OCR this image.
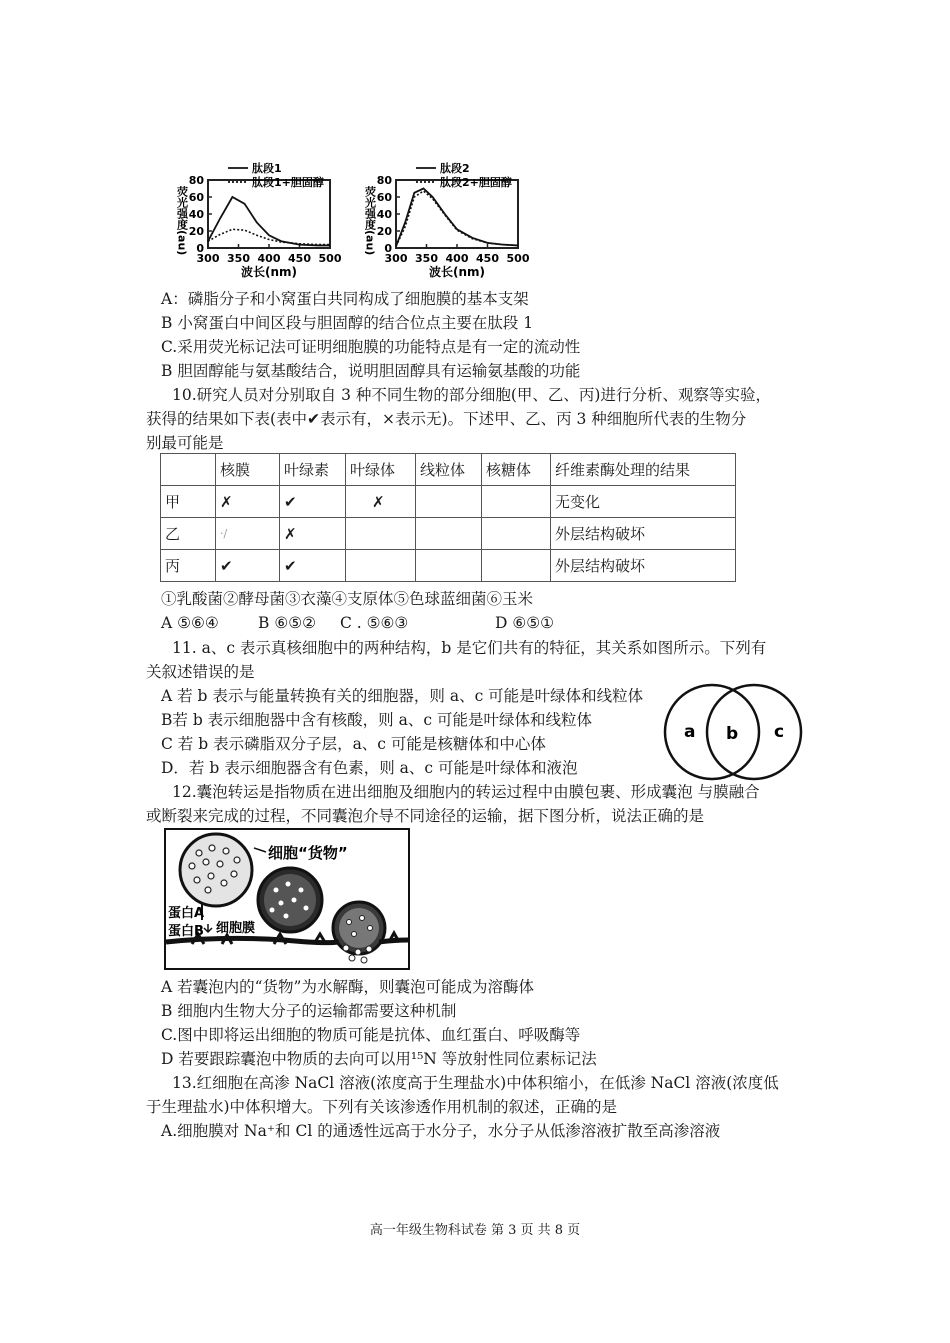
0
20
40
60
80
300 350 400 450 500
波长(nm)
荧光强度(au)
肽段1
肽段1+胆固醇
0
20
40
60
80
300 350 400 450 500
波长(nm)
荧光强度(au)
肽段2
肽段2+胆固醇
A：磷脂分子和小窝蛋白共同构成了细胞膜的基本支架
B 小窝蛋白中间区段与胆固醇的结合位点主要在肽段 1
C.采用荧光标记法可证明细胞膜的功能特点是有一定的流动性
B 胆固醇能与氨基酸结合，说明胆固醇具有运输氨基酸的功能
10.研究人员对分别取自 3 种不同生物的部分细胞(甲、乙、丙)进行分析、观察等实验，
获得的结果如下表(表中✔表示有，×表示无)。下述甲、乙、丙 3 种细胞所代表的生物分
别最可能是
	核膜	叶绿素	叶绿体	线粒体	核糖体	纤维素酶处理的结果
甲	✗	✔	✗			无变化
乙	·/	✗				外层结构破坏
丙	✔	✔				外层结构破坏
①乳酸菌②酵母菌③衣藻④支原体⑤色球蓝细菌⑥玉米
A ⑤⑥④	B ⑥⑤② C . ⑤⑥③	D ⑥⑤①
11. a、c 表示真核细胞中的两种结构，b 是它们共有的特征，其关系如图所示。下列有
关叙述错误的是
A 若 b 表示与能量转换有关的细胞器，则 a、c 可能是叶绿体和线粒体
B若 b 表示细胞器中含有核酸，则 a、c 可能是叶绿体和线粒体
C 若 b 表示磷脂双分子层，a、c 可能是核糖体和中心体
D．若 b 表示细胞器含有色素，则 a、c 可能是叶绿体和液泡
a b c
12.囊泡转运是指物质在进出细胞及细胞内的转运过程中由膜包裹、形成囊泡 与膜融合
或断裂来完成的过程，不同囊泡介导不同途径的运输，据下图分析，说法正确的是
细胞“货物”
蛋白A
蛋白B 细胞膜
A 若囊泡内的“货物”为水解酶，则囊泡可能成为溶酶体
B 细胞内生物大分子的运输都需要这种机制
C.图中即将运出细胞的物质可能是抗体、血红蛋白、呼吸酶等
D 若要跟踪囊泡中物质的去向可以用¹⁵N 等放射性同位素标记法
13.红细胞在高渗 NaCl 溶液(浓度高于生理盐水)中体积缩小，在低渗 NaCl 溶液(浓度低
于生理盐水)中体积增大。下列有关该渗透作用机制的叙述，正确的是
A.细胞膜对 Na⁺和 Cl 的通透性远高于水分子，水分子从低渗溶液扩散至高渗溶液
高一年级生物科试卷 第 3 页 共 8 页
